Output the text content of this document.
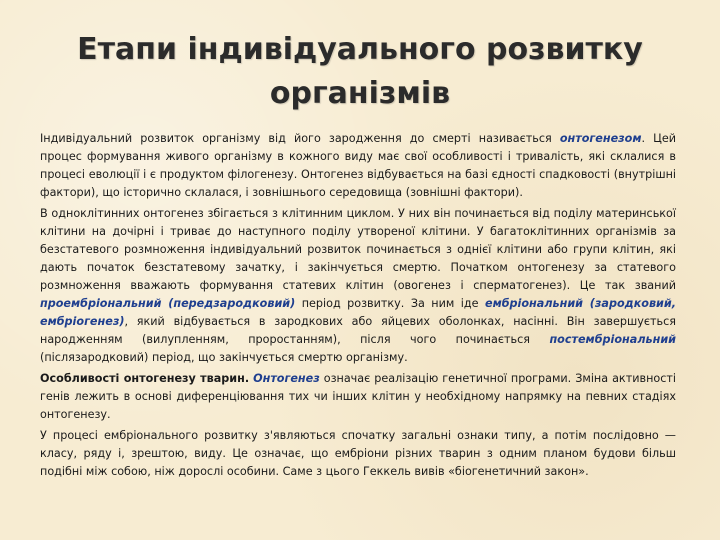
Етапи індивідуального розвитку організмів

Індивідуальний розвиток організму від його зародження до смерті називається онтогенезом. Цей процес формування живого організму в кожного виду має свої особливості і тривалість, які склалися в процесі еволюції і є продуктом філогенезу. Онтогенез відбувається на базі єдності спадковості (внутрішні фактори), що історично склалася, і зовнішнього середовища (зовнішні фактори).

В одноклітинних онтогенез збігається з клітинним циклом. У них він починається від поділу материнської клітини на дочірні і триває до наступного поділу утвореної клітини. У багатоклітинних організмів за безстатевого розмноження індивідуальний розвиток починається з однієї клітини або групи клітин, які дають початок безстатевому зачатку, і закінчується смертю. Початком онтогенезу за статевого розмноження вважають формування статевих клітин (овогенез і сперматогенез). Це так званий проембріональний (передзародковий) період розвитку. За ним іде ембріональний (зародковий, ембріогенез), який відбувається в зародкових або яйцевих оболонках, насінні. Він завершується народженням (вилупленням, проростанням), після чого починається постембріональний (післязародковий) період, що закінчується смертю організму.

Особливості онтогенезу тварин. Онтогенез означає реалізацію генетичної програми. Зміна активності генів лежить в основі диференціювання тих чи інших клітин у необхідному напрямку на певних стадіях онтогенезу.

У процесі ембріонального розвитку з'являються спочатку загальні ознаки типу, а потім послідовно — класу, ряду і, зрештою, виду. Це означає, що ембріони різних тварин з одним планом будови більш подібні між собою, ніж дорослі особини. Саме з цього Геккель вивів «біогенетичний закон».
